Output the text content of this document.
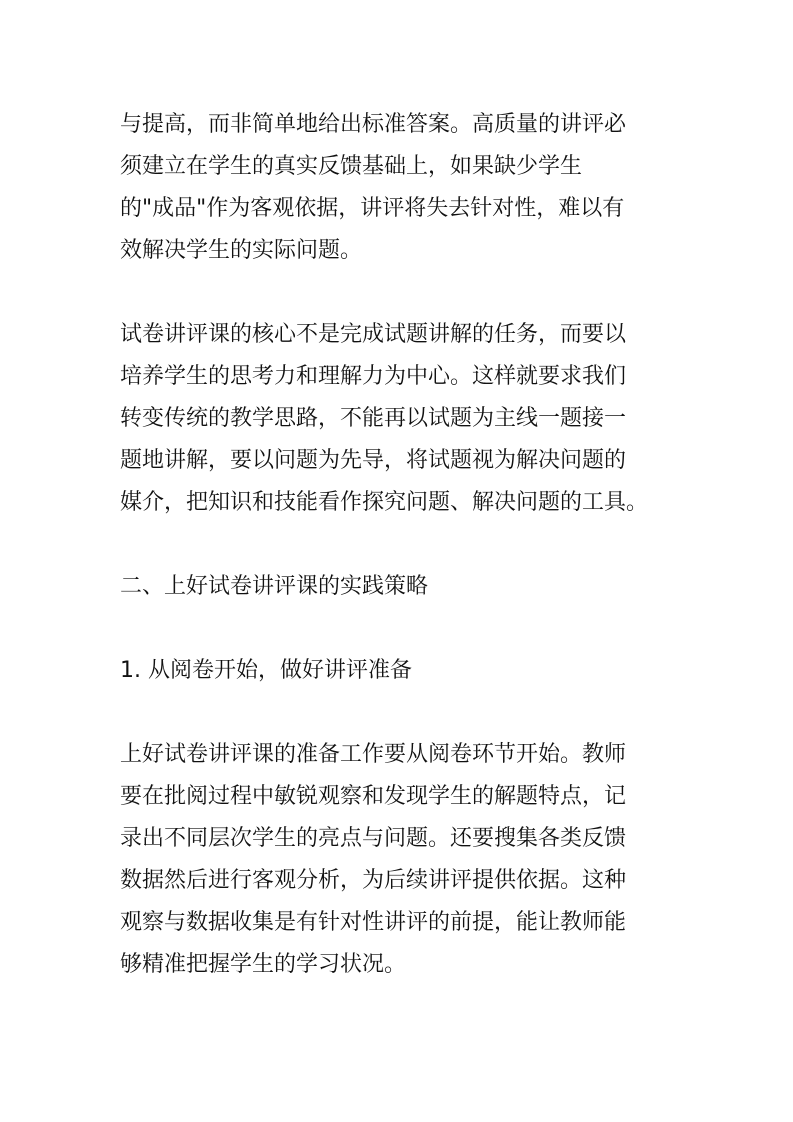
与提高，而非简单地给出标准答案。高质量的讲评必
须建立在学生的真实反馈基础上，如果缺少学生
的"成品"作为客观依据，讲评将失去针对性，难以有
效解决学生的实际问题。

试卷讲评课的核心不是完成试题讲解的任务，而要以
培养学生的思考力和理解力为中心。这样就要求我们
转变传统的教学思路，不能再以试题为主线一题接一
题地讲解，要以问题为先导，将试题视为解决问题的
媒介，把知识和技能看作探究问题、解决问题的工具。

二、上好试卷讲评课的实践策略

1. 从阅卷开始，做好讲评准备

上好试卷讲评课的准备工作要从阅卷环节开始。教师
要在批阅过程中敏锐观察和发现学生的解题特点，记
录出不同层次学生的亮点与问题。还要搜集各类反馈
数据然后进行客观分析，为后续讲评提供依据。这种
观察与数据收集是有针对性讲评的前提，能让教师能
够精准把握学生的学习状况。
